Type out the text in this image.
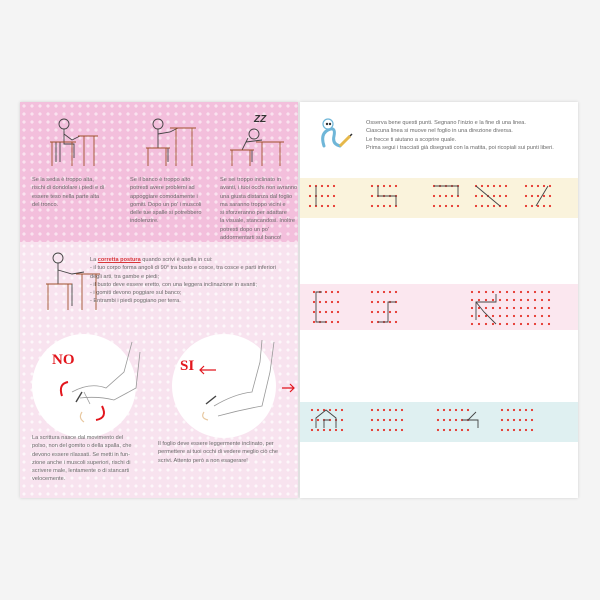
ZZ
Se la sedia è troppo alta,
rischi di dondolare i piedi e di
essere teso nella parte alta
del tronco.
Se il banco è troppo alto
potresti avere problemi ad
appoggiare comodamente i
gomiti. Dopo un po' i muscoli
delle tue spalle si potrebbero
indolenzire.
Se sei troppo inclinato in
avanti, i tuoi occhi non avranno
una giusta distanza dal foglio
ma saranno troppo vicini e
si sforzeranno per adattare
la visuale, stancandosi. Inoltre
potresti dopo un po'
addormentarti sul banco!
La corretta postura quando scrivi è quella in cui:
- il tuo corpo forma angoli di 90° tra busto e cosce, tra cosce e parti inferiori
degli arti, tra gambe e piedi;
- il busto deve essere eretto, con una leggera inclinazione in avanti;
- i gomiti devono poggiare sul banco;
- Entrambi i piedi poggiano per terra.
NO	SI
La scrittura nasce dal movimento del
polso, non del gomito o della spalla, che
devono essere rilassati. Se metti in fun-
zione anche i muscoli superiori, rischi di
scrivere male, lentamente o di stancarti
velocemente.
Il foglio deve essere leggermente inclinato, per
permettere ai tuoi occhi di vedere meglio ciò che
scrivi. Attento però a non esagerare!
Osserva bene questi punti. Segnano l'inizio e la fine di una linea.
Ciascuna linea si muove nel foglio in una direzione diversa.
Le frecce ti aiutano a scoprire quale.
Prima segui i tracciati già disegnati con la matita, poi ricopiali sui punti liberi.
